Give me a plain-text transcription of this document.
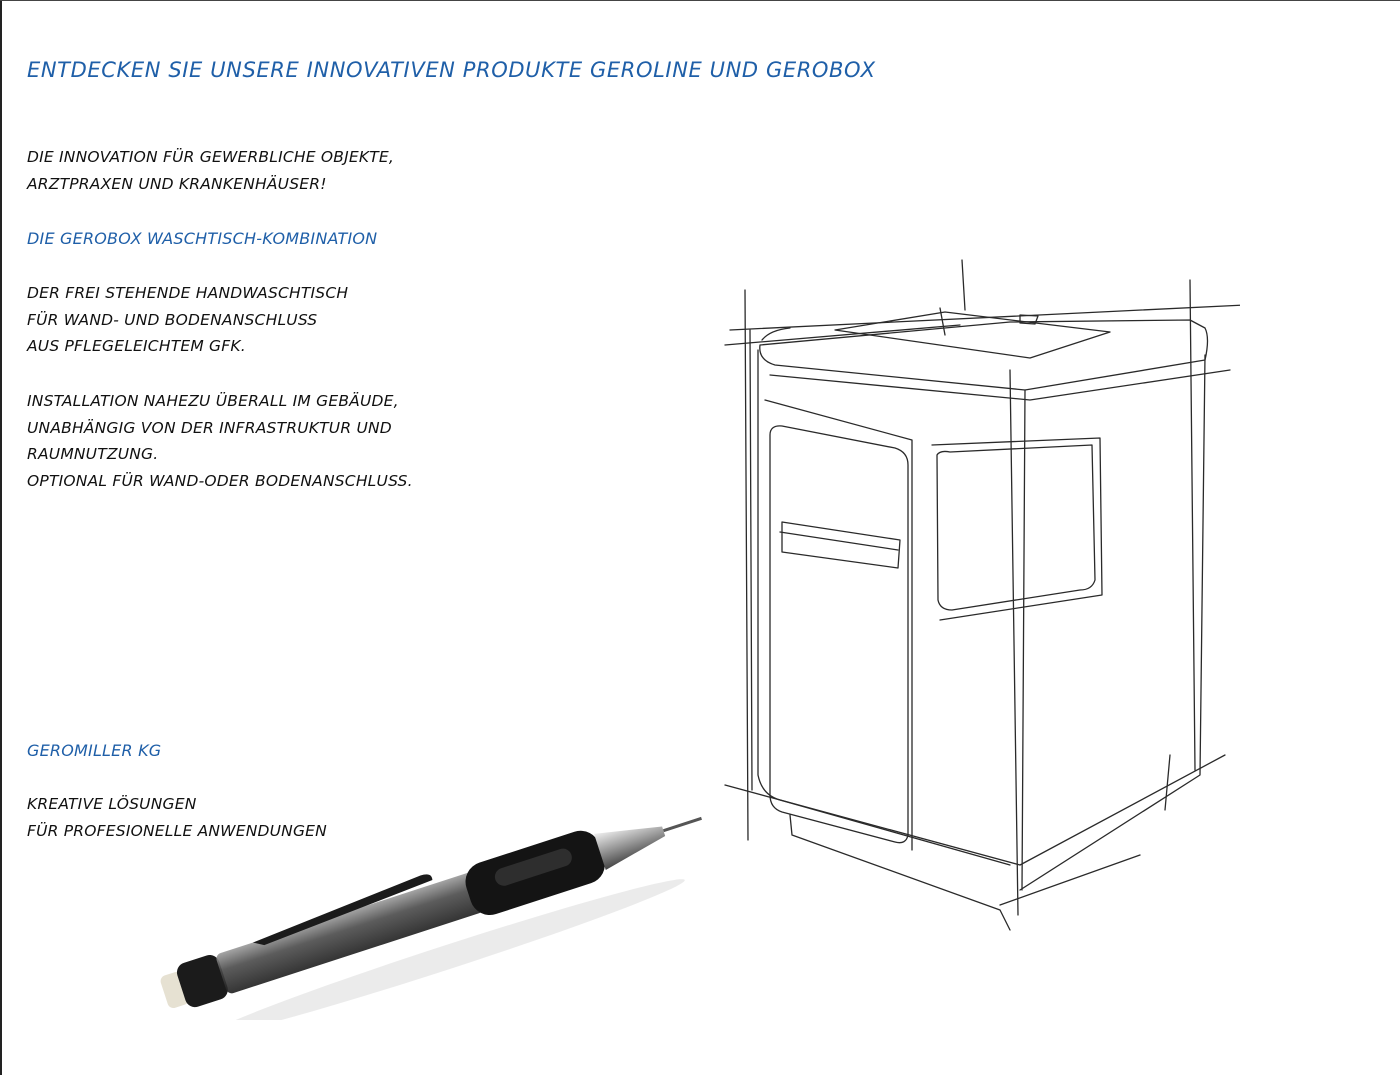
ENTDECKEN SIE UNSERE INNOVATIVEN PRODUKTE GEROLINE UND GEROBOX
DIE INNOVATION FÜR GEWERBLICHE OBJEKTE,
ARZTPRAXEN UND KRANKENHÄUSER!
DIE GEROBOX WASCHTISCH-KOMBINATION
DER FREI STEHENDE HANDWASCHTISCH
FÜR WAND- UND BODENANSCHLUSS
AUS PFLEGELEICHTEM GFK.
INSTALLATION NAHEZU ÜBERALL IM GEBÄUDE,
UNABHÄNGIG VON DER INFRASTRUKTUR UND
RAUMNUTZUNG.
OPTIONAL FÜR WAND-ODER BODENANSCHLUSS.
GEROMILLER KG
KREATIVE LÖSUNGEN
FÜR PROFESIONELLE ANWENDUNGEN
